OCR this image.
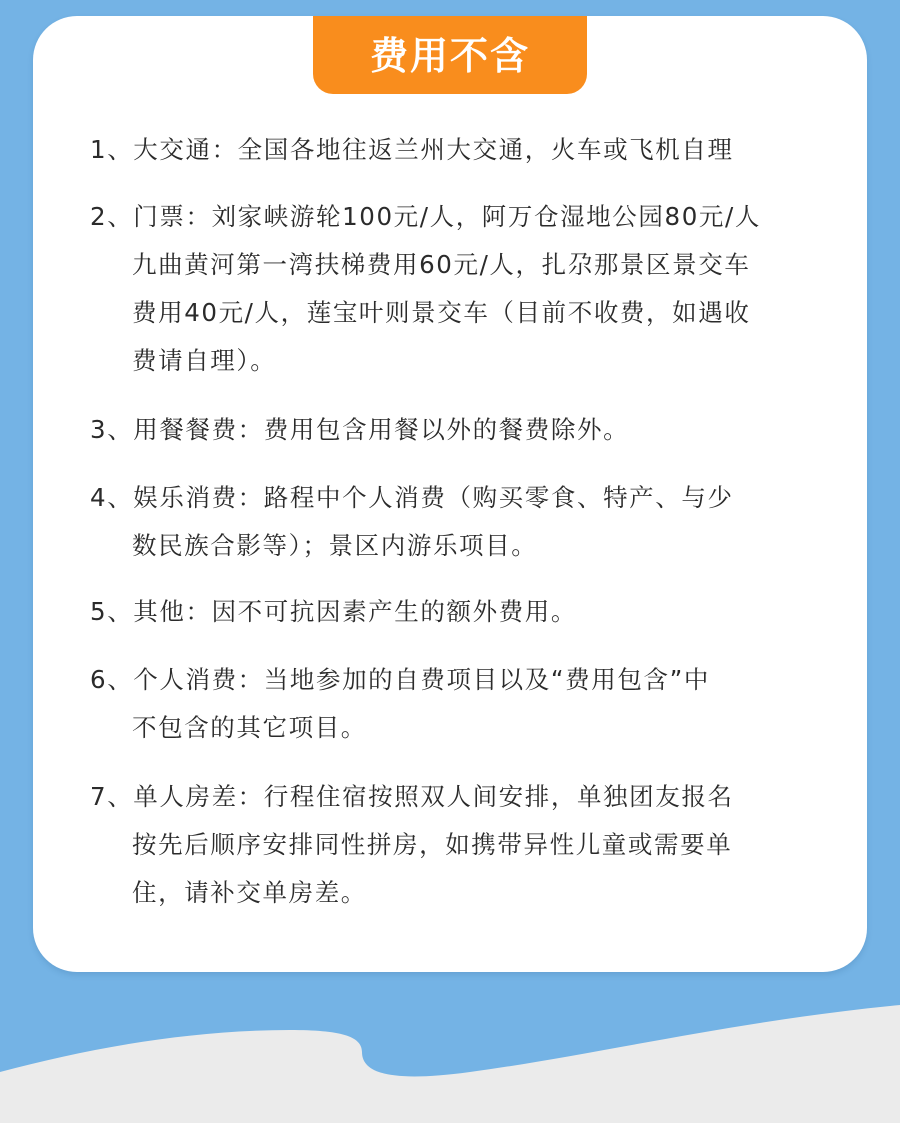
费用不含
1、大交通：全国各地往返兰州大交通，火车或飞机自理
2、门票：刘家峡游轮100元/人，阿万仓湿地公园80元/人
九曲黄河第一湾扶梯费用60元/人，扎尕那景区景交车
费用40元/人，莲宝叶则景交车（目前不收费，如遇收
费请自理）。
3、用餐餐费：费用包含用餐以外的餐费除外。
4、娱乐消费：路程中个人消费（购买零食、特产、与少
数民族合影等）；景区内游乐项目。
5、其他：因不可抗因素产生的额外费用。
6、个人消费：当地参加的自费项目以及“费用包含”中
不包含的其它项目。
7、单人房差：行程住宿按照双人间安排，单独团友报名
按先后顺序安排同性拼房，如携带异性儿童或需要单
住，请补交单房差。
